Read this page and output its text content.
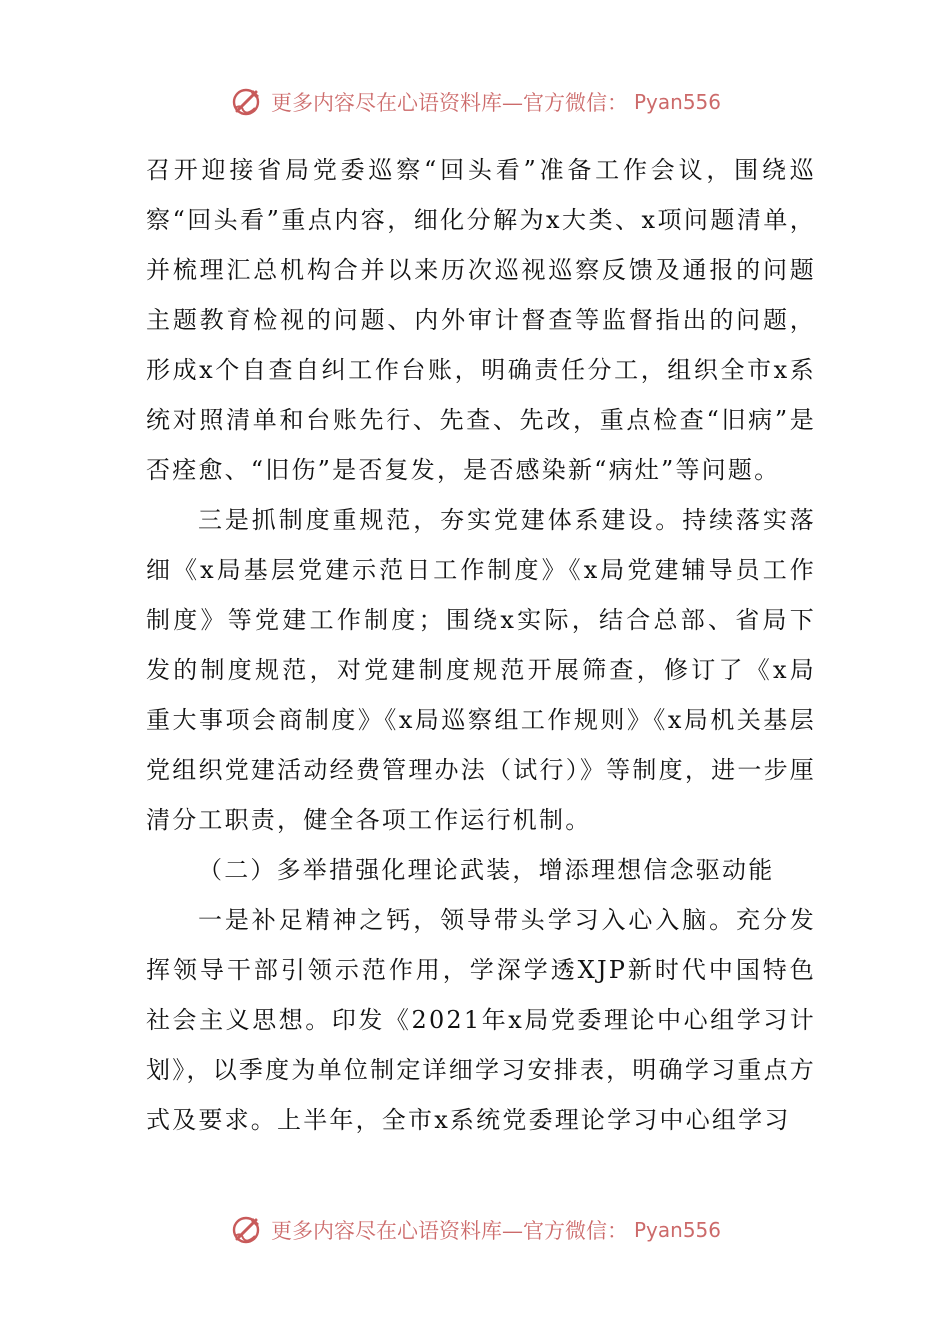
更多内容尽在心语资料库—官方微信： Pyan556

召开迎接省局党委巡察“回头看”准备工作会议，围绕巡察“回头看”重点内容，细化分解为x大类、x项问题清单，并梳理汇总机构合并以来历次巡视巡察反馈及通报的问题主题教育检视的问题、内外审计督查等监督指出的问题，形成x个自查自纠工作台账，明确责任分工，组织全市x系统对照清单和台账先行、先查、先改，重点检查“旧病”是否痊愈、“旧伤”是否复发，是否感染新“病灶”等问题。

三是抓制度重规范，夯实党建体系建设。持续落实落细《x局基层党建示范日工作制度》《x局党建辅导员工作制度》等党建工作制度；围绕x实际，结合总部、省局下发的制度规范，对党建制度规范开展筛查，修订了《x局重大事项会商制度》《x局巡察组工作规则》《x局机关基层党组织党建活动经费管理办法（试行）》等制度，进一步厘清分工职责，健全各项工作运行机制。

（二）多举措强化理论武装，增添理想信念驱动能

一是补足精神之钙，领导带头学习入心入脑。充分发挥领导干部引领示范作用，学深学透XJP新时代中国特色社会主义思想。印发《2021年x局党委理论中心组学习计划》，以季度为单位制定详细学习安排表，明确学习重点方式及要求。上半年，全市x系统党委理论学习中心组学习

更多内容尽在心语资料库—官方微信： Pyan556
